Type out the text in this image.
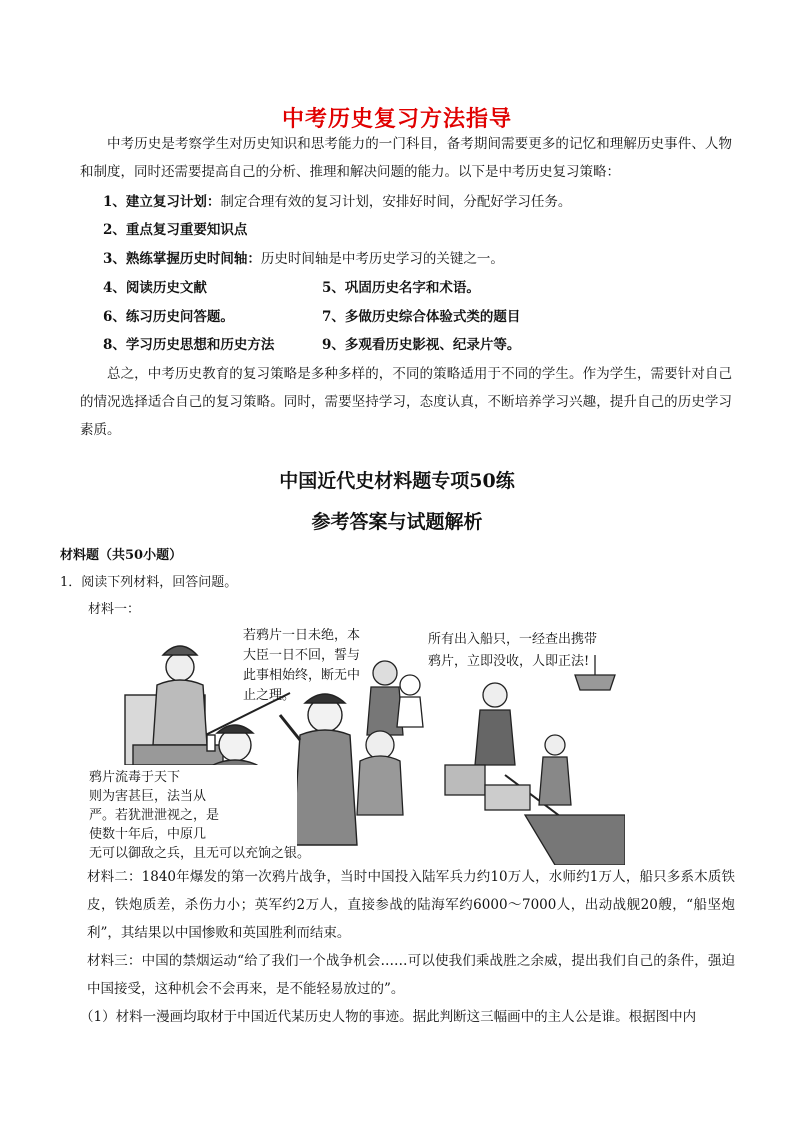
中考历史复习方法指导
中考历史是考察学生对历史知识和思考能力的一门科目，备考期间需要更多的记忆和理解历史事件、人物和制度，同时还需要提高自己的分析、推理和解决问题的能力。以下是中考历史复习策略：
1、建立复习计划：制定合理有效的复习计划，安排好时间，分配好学习任务。
2、重点复习重要知识点
3、熟练掌握历史时间轴：历史时间轴是中考历史学习的关键之一。
4、阅读历史文献	5、巩固历史名字和术语。
6、练习历史问答题。	7、多做历史综合体验式类的题目
8、学习历史思想和历史方法	9、多观看历史影视、纪录片等。
总之，中考历史教育的复习策略是多种多样的，不同的策略适用于不同的学生。作为学生，需要针对自己的情况选择适合自己的复习策略。同时，需要坚持学习，态度认真，不断培养学习兴趣，提升自己的历史学习素质。
中国近代史材料题专项50练
参考答案与试题解析
材料题（共50小题）
1．阅读下列材料，回答问题。
材料一：
若鸦片一日未绝，本
大臣一日不回，誓与
此事相始终，断无中
止之理。
所有出入船只，一经查出携带
鸦片，立即没收，人即正法!
鸦片流毒于天下
则为害甚巨，法当从
严。若犹泄泄视之，是
使数十年后，中原几
无可以御敌之兵，且无可以充饷之银。
材料二：1840年爆发的第一次鸦片战争，当时中国投入陆军兵力约10万人，水师约1万人，船只多系木质铁皮，铁炮质差，杀伤力小；英军约2万人，直接参战的陆海军约6000～7000人，出动战舰20艘，“船坚炮利”，其结果以中国惨败和英国胜利而结束。
材料三：中国的禁烟运动“给了我们一个战争机会……可以使我们乘战胜之余威，提出我们自己的条件，强迫中国接受，这种机会不会再来，是不能轻易放过的”。
（1）材料一漫画均取材于中国近代某历史人物的事迹。据此判断这三幅画中的主人公是谁。根据图中内
